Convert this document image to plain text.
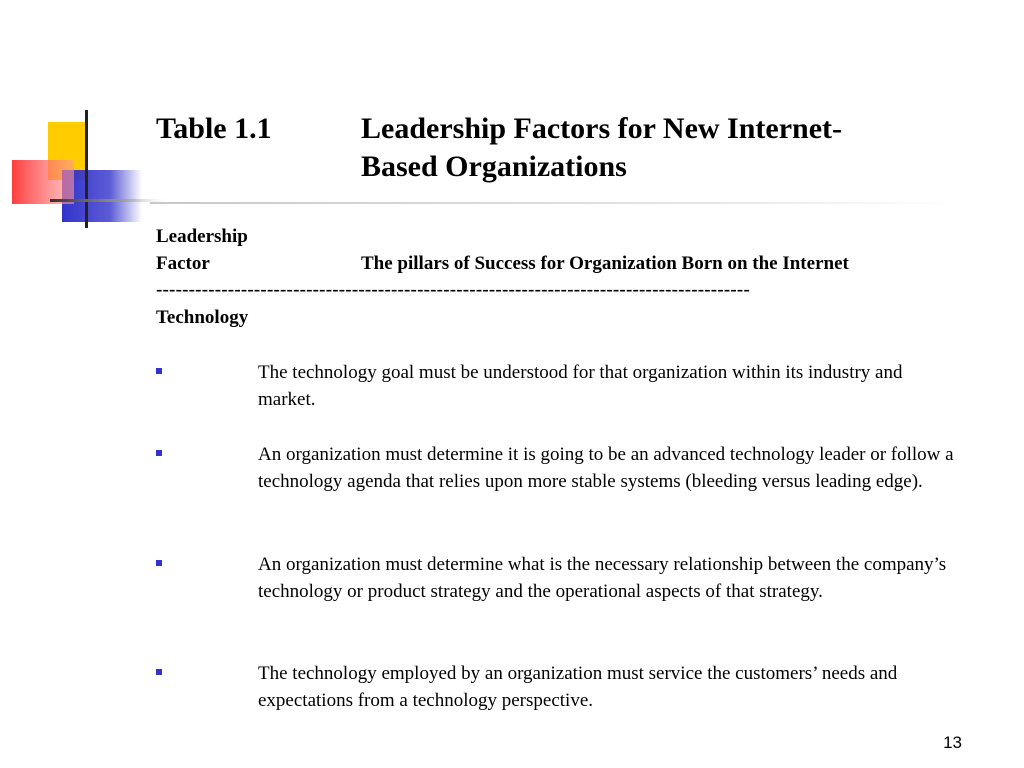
Table 1.1	Leadership Factors for New Internet-
Based Organizations
Leadership
Factor	The pillars of Success for Organization Born on the Internet
-------------------------------------------------------------------------------------------
Technology
The technology goal must be understood for that organization within its industry and market.
An organization must determine it is going to be an advanced technology leader or follow a technology agenda that relies upon more stable systems (bleeding versus leading edge).
An organization must determine what is the necessary relationship between the company’s technology or product strategy and the operational aspects of that strategy.
The technology employed by an organization must service the customers’ needs and expectations from a technology perspective.
13
